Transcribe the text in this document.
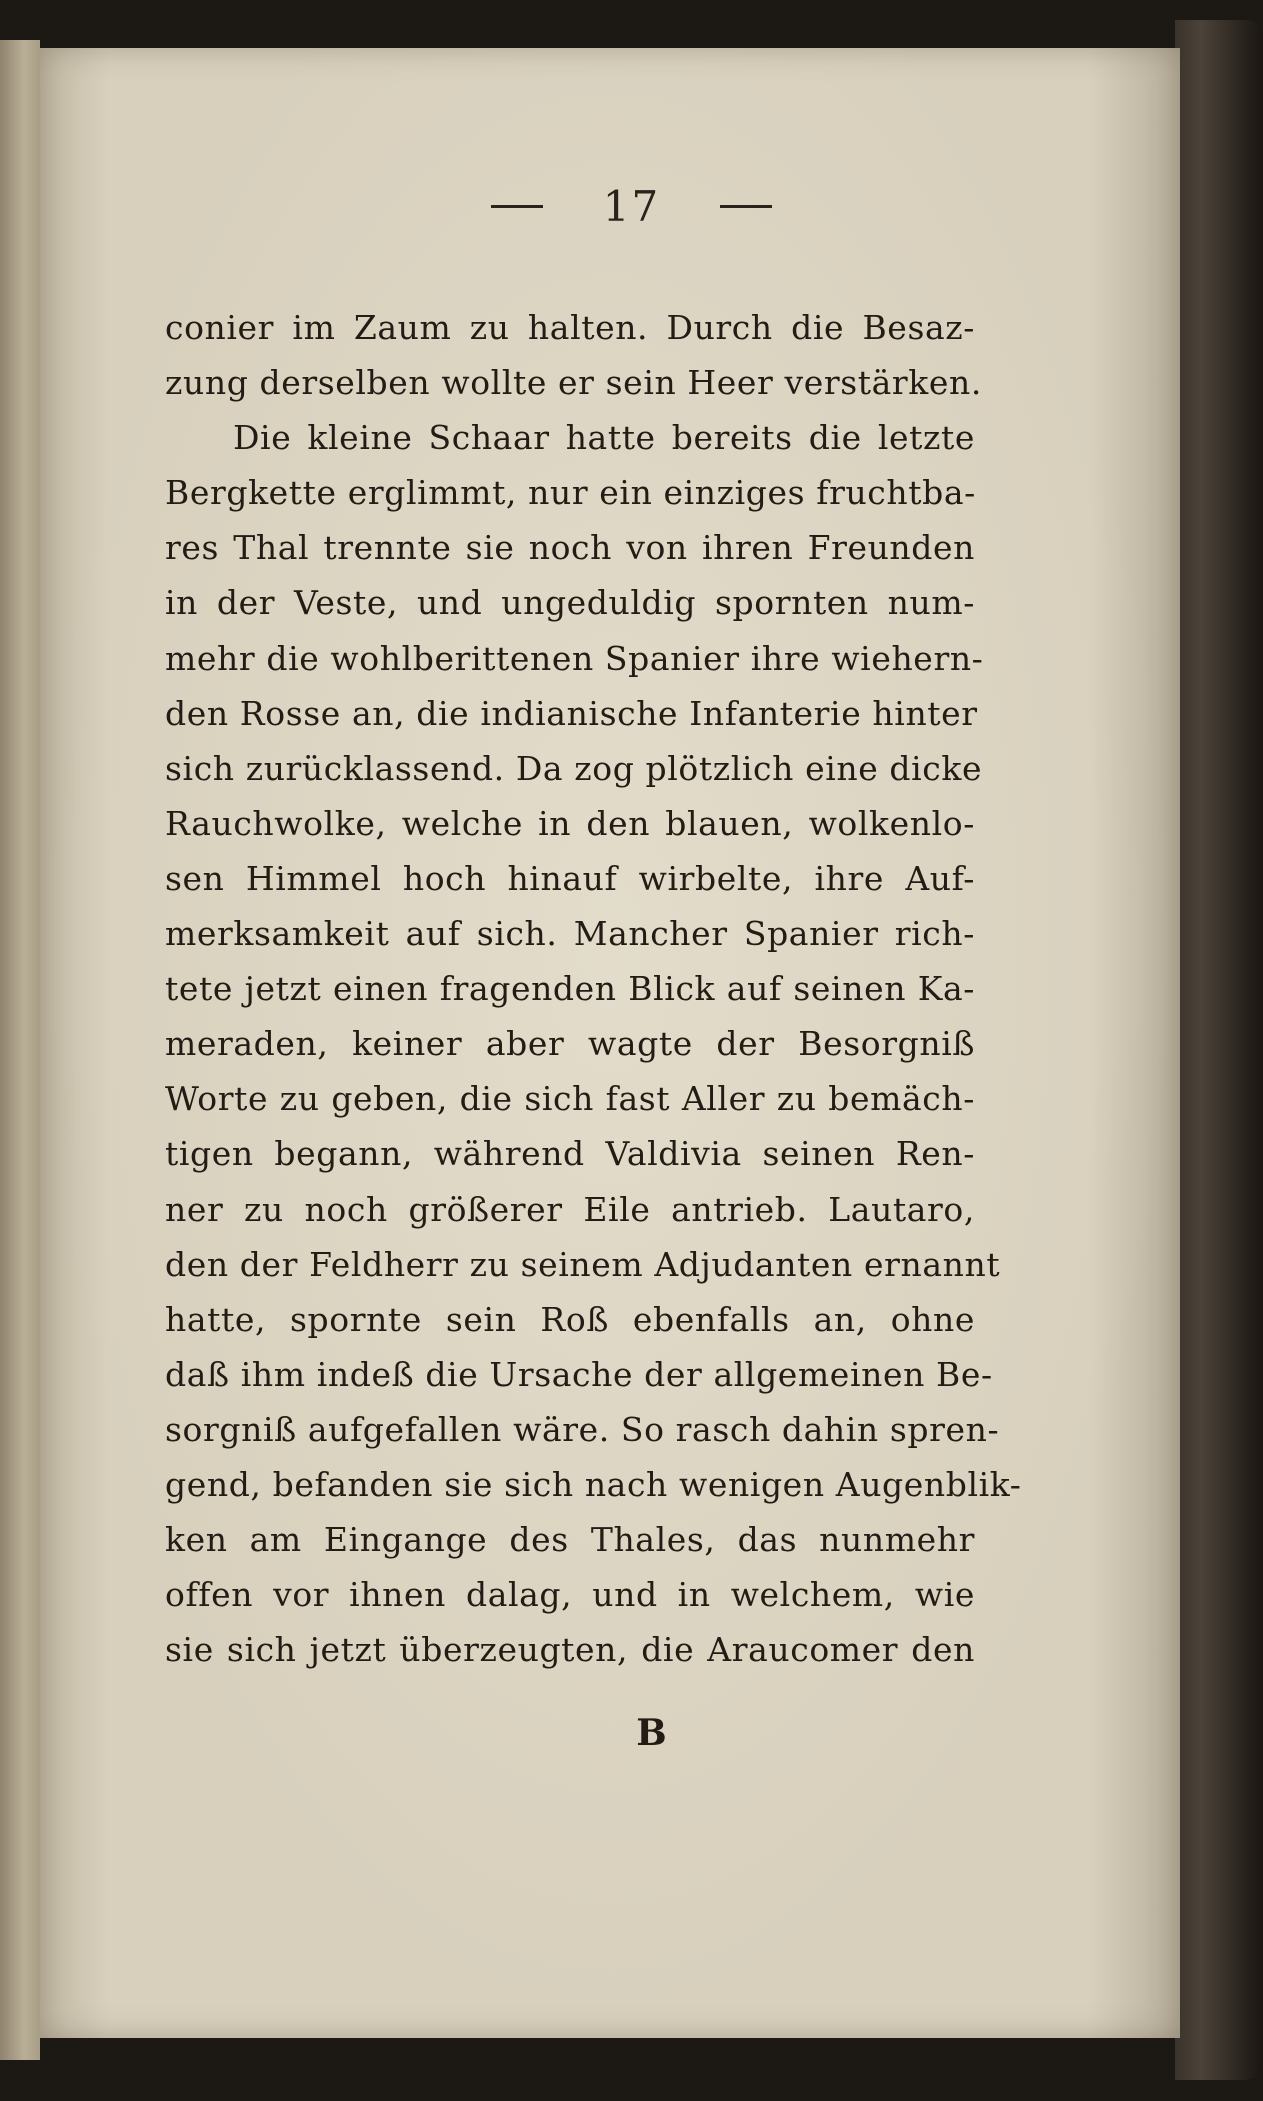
17
conier im Zaum zu halten. Durch die Besaz-
zung derselben wollte er sein Heer verstärken.
Die kleine Schaar hatte bereits die letzte
Bergkette erglimmt, nur ein einziges fruchtba-
res Thal trennte sie noch von ihren Freunden
in der Veste, und ungeduldig spornten num-
mehr die wohlberittenen Spanier ihre wiehern-
den Rosse an, die indianische Infanterie hinter
sich zurücklassend. Da zog plötzlich eine dicke
Rauchwolke, welche in den blauen, wolkenlo-
sen Himmel hoch hinauf wirbelte, ihre Auf-
merksamkeit auf sich. Mancher Spanier rich-
tete jetzt einen fragenden Blick auf seinen Ka-
meraden, keiner aber wagte der Besorgniß
Worte zu geben, die sich fast Aller zu bemäch-
tigen begann, während Valdivia seinen Ren-
ner zu noch größerer Eile antrieb. Lautaro,
den der Feldherr zu seinem Adjudanten ernannt
hatte, spornte sein Roß ebenfalls an, ohne
daß ihm indeß die Ursache der allgemeinen Be-
sorgniß aufgefallen wäre. So rasch dahin spren-
gend, befanden sie sich nach wenigen Augenblik-
ken am Eingange des Thales, das nunmehr
offen vor ihnen dalag, und in welchem, wie
sie sich jetzt überzeugten, die Araucomer den
B
